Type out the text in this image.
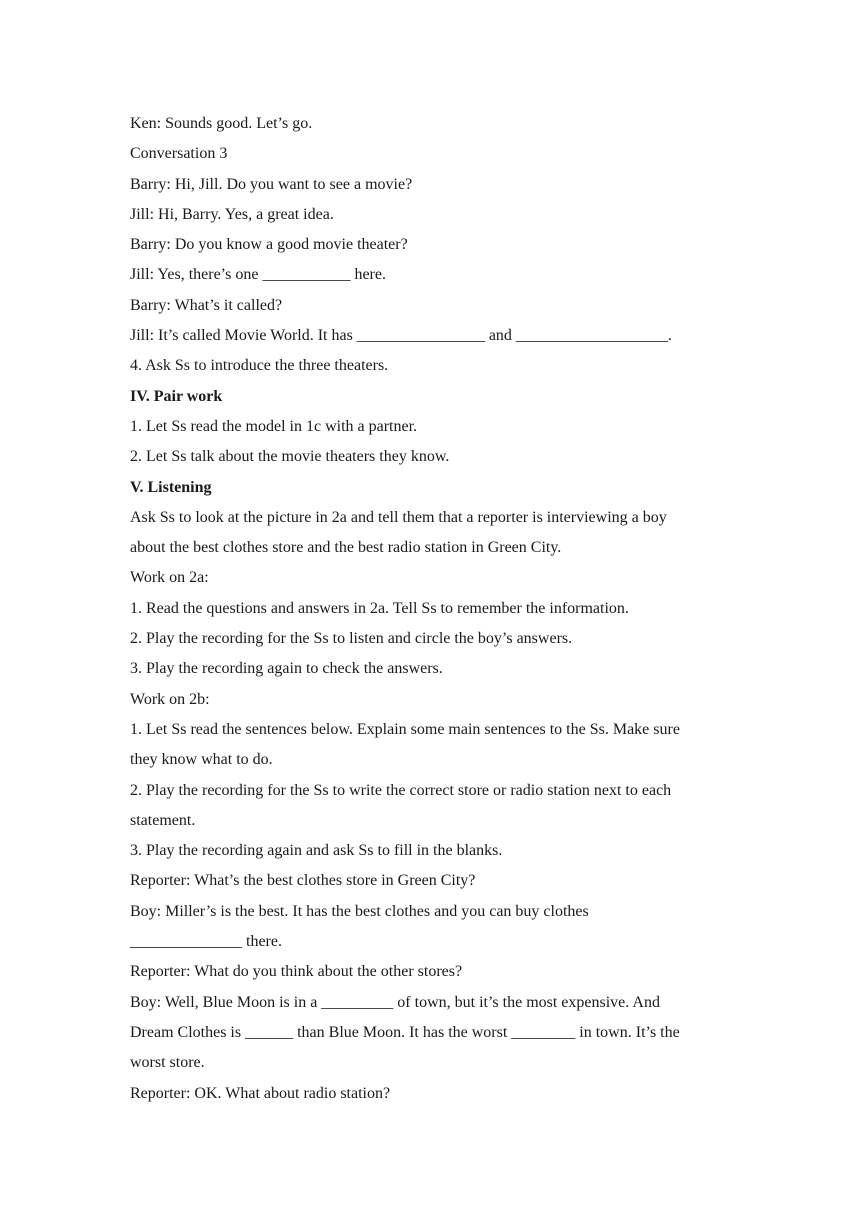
Ken: Sounds good. Let’s go.
Conversation 3
Barry: Hi, Jill. Do you want to see a movie?
Jill: Hi, Barry. Yes, a great idea.
Barry: Do you know a good movie theater?
Jill: Yes, there’s one ___________ here.
Barry: What’s it called?
Jill: It’s called Movie World. It has ________________ and ___________________.
4. Ask Ss to introduce the three theaters.
IV. Pair work
1. Let Ss read the model in 1c with a partner.
2. Let Ss talk about the movie theaters they know.
V. Listening
Ask Ss to look at the picture in 2a and tell them that a reporter is interviewing a boy
about the best clothes store and the best radio station in Green City.
Work on 2a:
1. Read the questions and answers in 2a. Tell Ss to remember the information.
2. Play the recording for the Ss to listen and circle the boy’s answers.
3. Play the recording again to check the answers.
Work on 2b:
1. Let Ss read the sentences below. Explain some main sentences to the Ss. Make sure
they know what to do.
2. Play the recording for the Ss to write the correct store or radio station next to each
statement.
3. Play the recording again and ask Ss to fill in the blanks.
Reporter: What’s the best clothes store in Green City?
Boy: Miller’s is the best. It has the best clothes and you can buy clothes
______________ there.
Reporter: What do you think about the other stores?
Boy: Well, Blue Moon is in a _________ of town, but it’s the most expensive. And
Dream Clothes is ______ than Blue Moon. It has the worst ________ in town. It’s the
worst store.
Reporter: OK. What about radio station?
